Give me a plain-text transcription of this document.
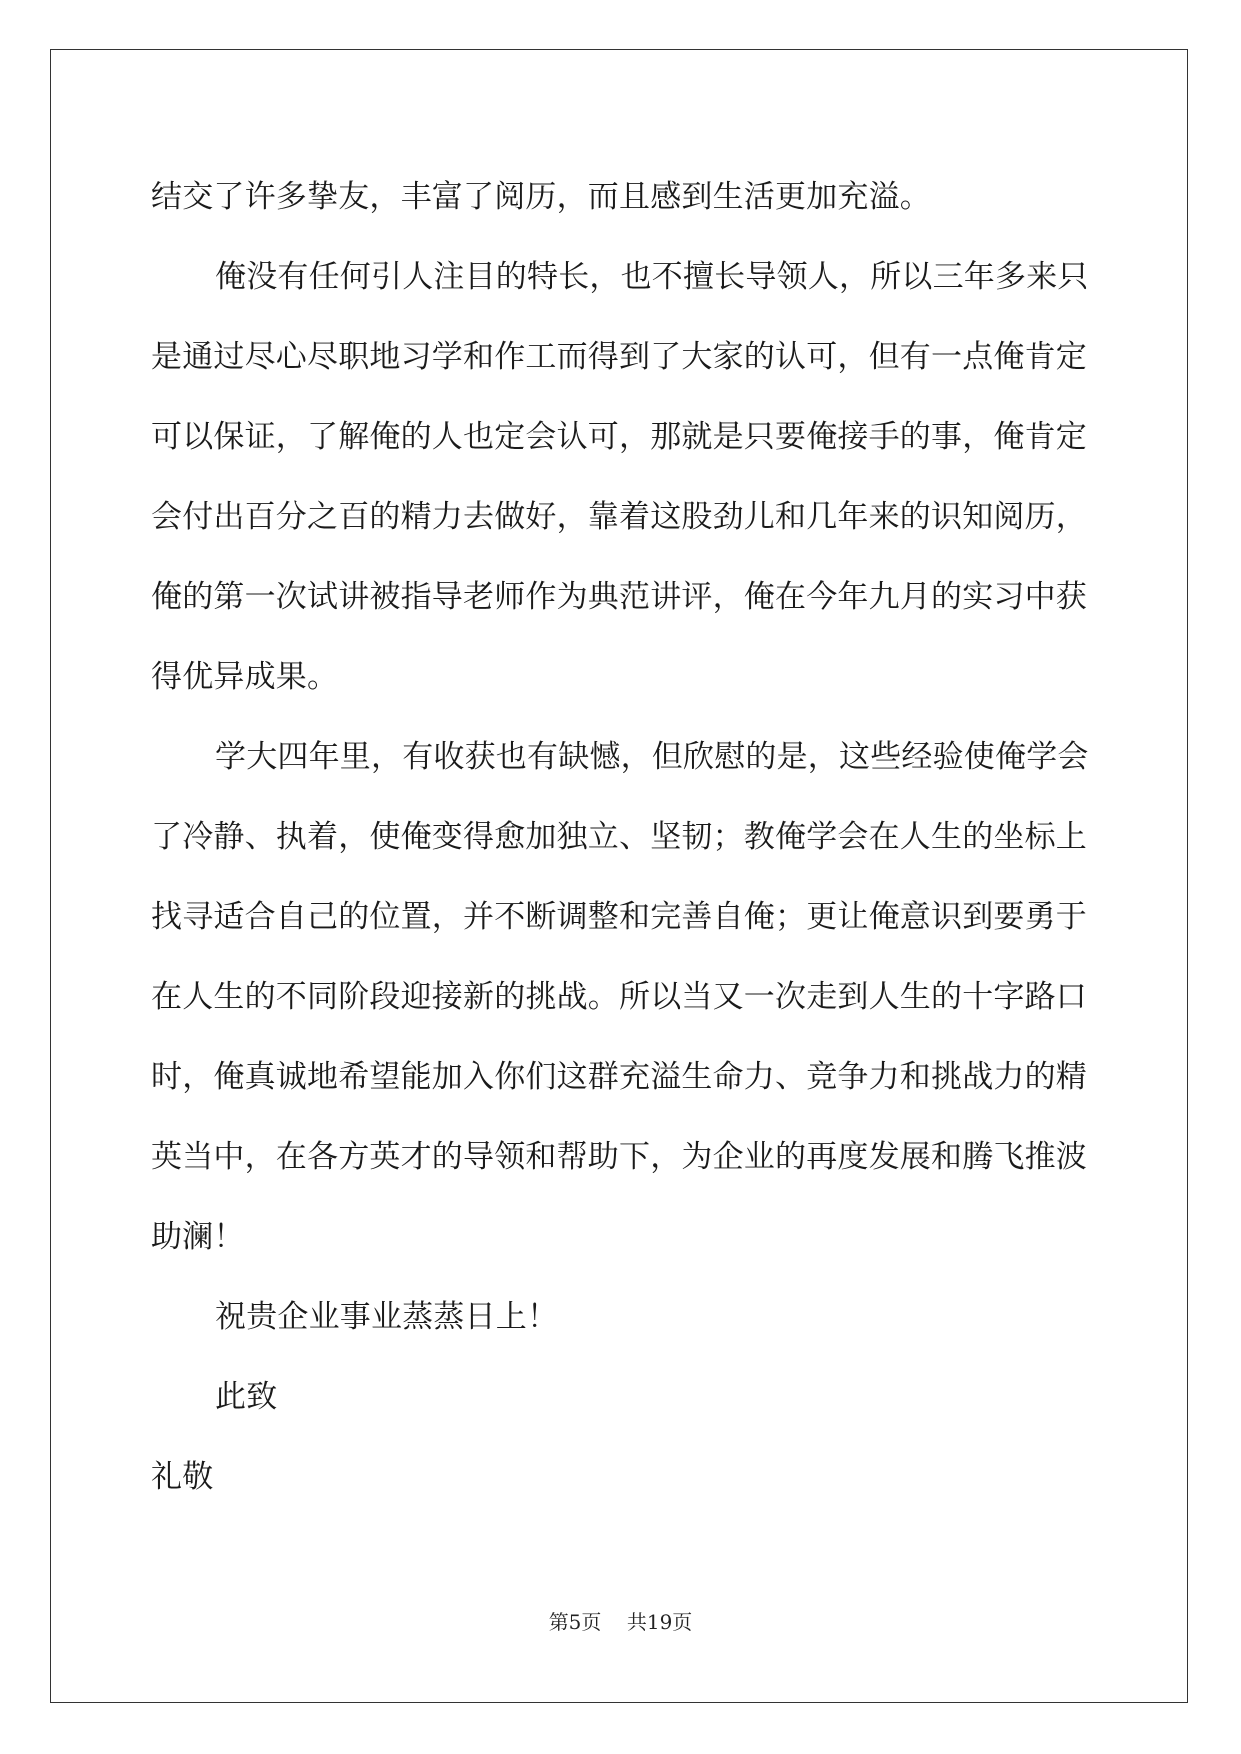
结交了许多挚友，丰富了阅历，而且感到生活更加充溢。
俺没有任何引人注目的特长，也不擅长导领人，所以三年多来只
是通过尽心尽职地习学和作工而得到了大家的认可，但有一点俺肯定
可以保证，了解俺的人也定会认可，那就是只要俺接手的事，俺肯定
会付出百分之百的精力去做好，靠着这股劲儿和几年来的识知阅历，
俺的第一次试讲被指导老师作为典范讲评，俺在今年九月的实习中获
得优异成果。
学大四年里，有收获也有缺憾，但欣慰的是，这些经验使俺学会
了冷静、执着，使俺变得愈加独立、坚韧；教俺学会在人生的坐标上
找寻适合自己的位置，并不断调整和完善自俺；更让俺意识到要勇于
在人生的不同阶段迎接新的挑战。所以当又一次走到人生的十字路口
时，俺真诚地希望能加入你们这群充溢生命力、竞争力和挑战力的精
英当中，在各方英才的导领和帮助下，为企业的再度发展和腾飞推波
助澜！
祝贵企业事业蒸蒸日上！
此致
礼敬
第5页 共19页
